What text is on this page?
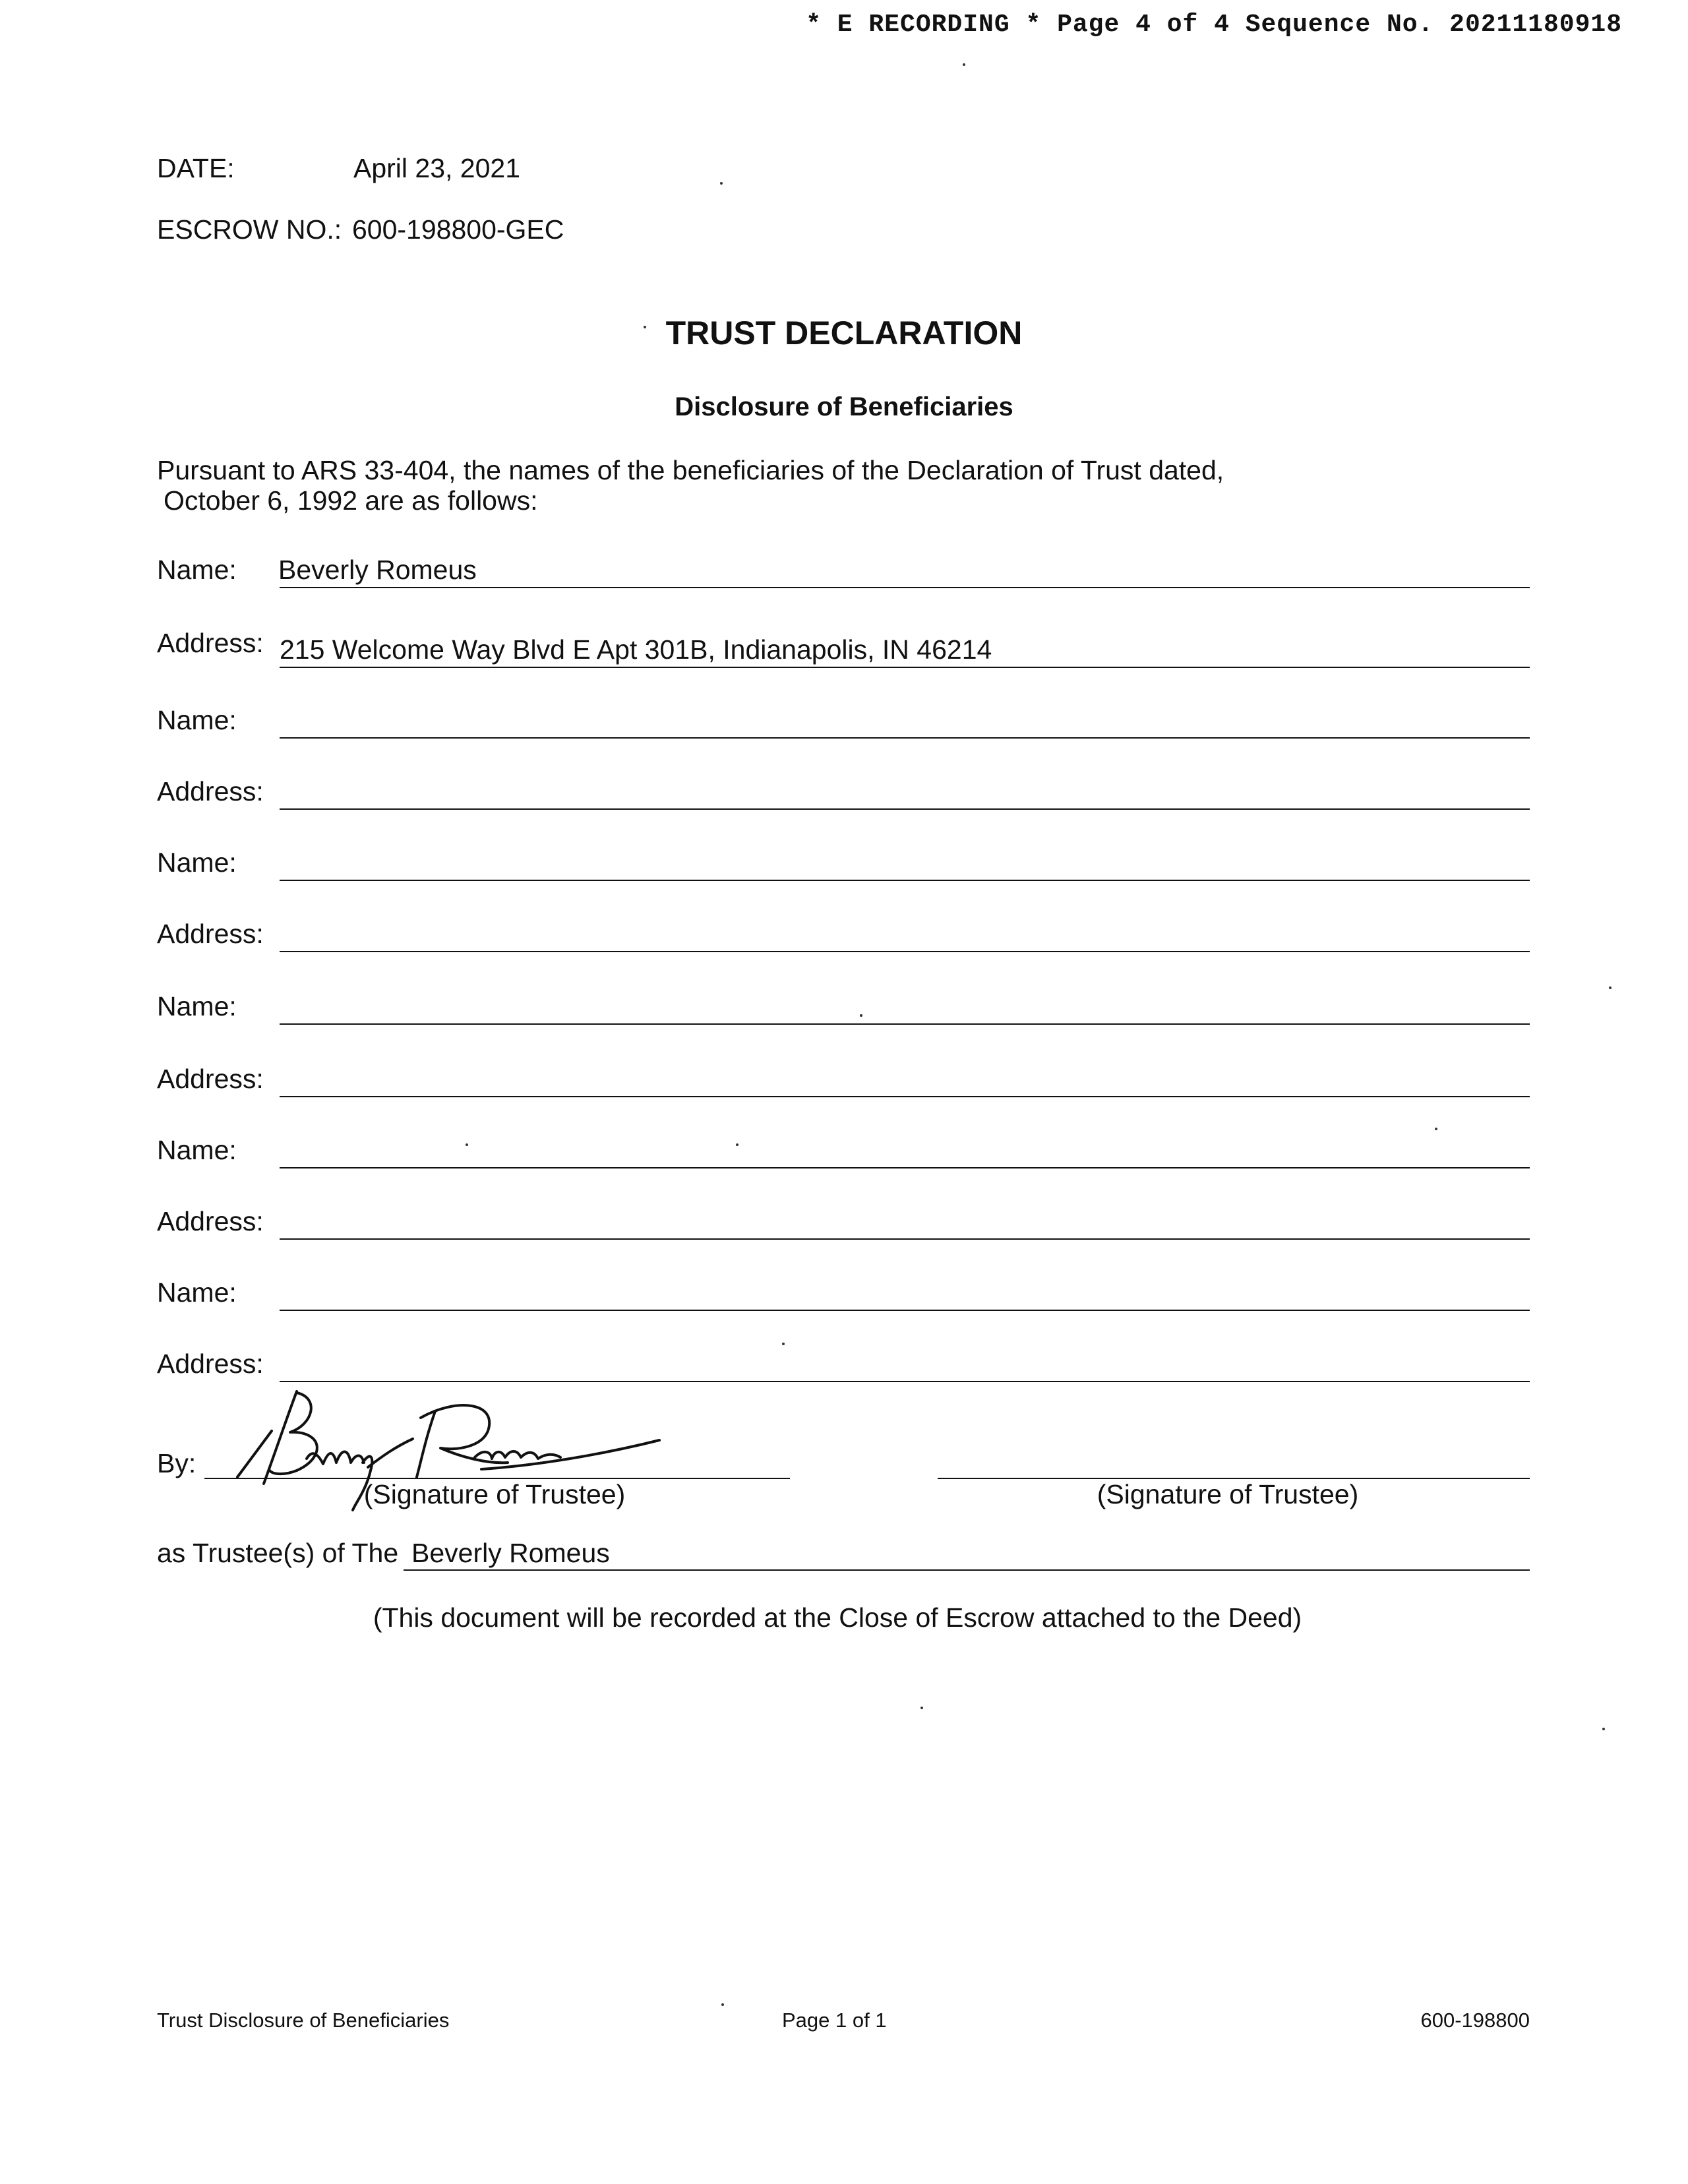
* E RECORDING * Page 4 of 4 Sequence No. 20211180918
DATE:	April 23, 2021
ESCROW NO.: 600-198800-GEC
TRUST DECLARATION
Disclosure of Beneficiaries
Pursuant to ARS 33-404, the names of the beneficiaries of the Declaration of Trust dated,
October 6, 1992 are as follows:
Name: Beverly Romeus
Address: 215 Welcome Way Blvd E Apt 301B, Indianapolis, IN 46214
Name:
Address:
Name:
Address:
Name:
Address:
Name:
Address:
Name:
Address:
By:
(Signature of Trustee)	(Signature of Trustee)
as Trustee(s) of The Beverly Romeus
(This document will be recorded at the Close of Escrow attached to the Deed)
Trust Disclosure of Beneficiaries	Page 1 of 1	600-198800
